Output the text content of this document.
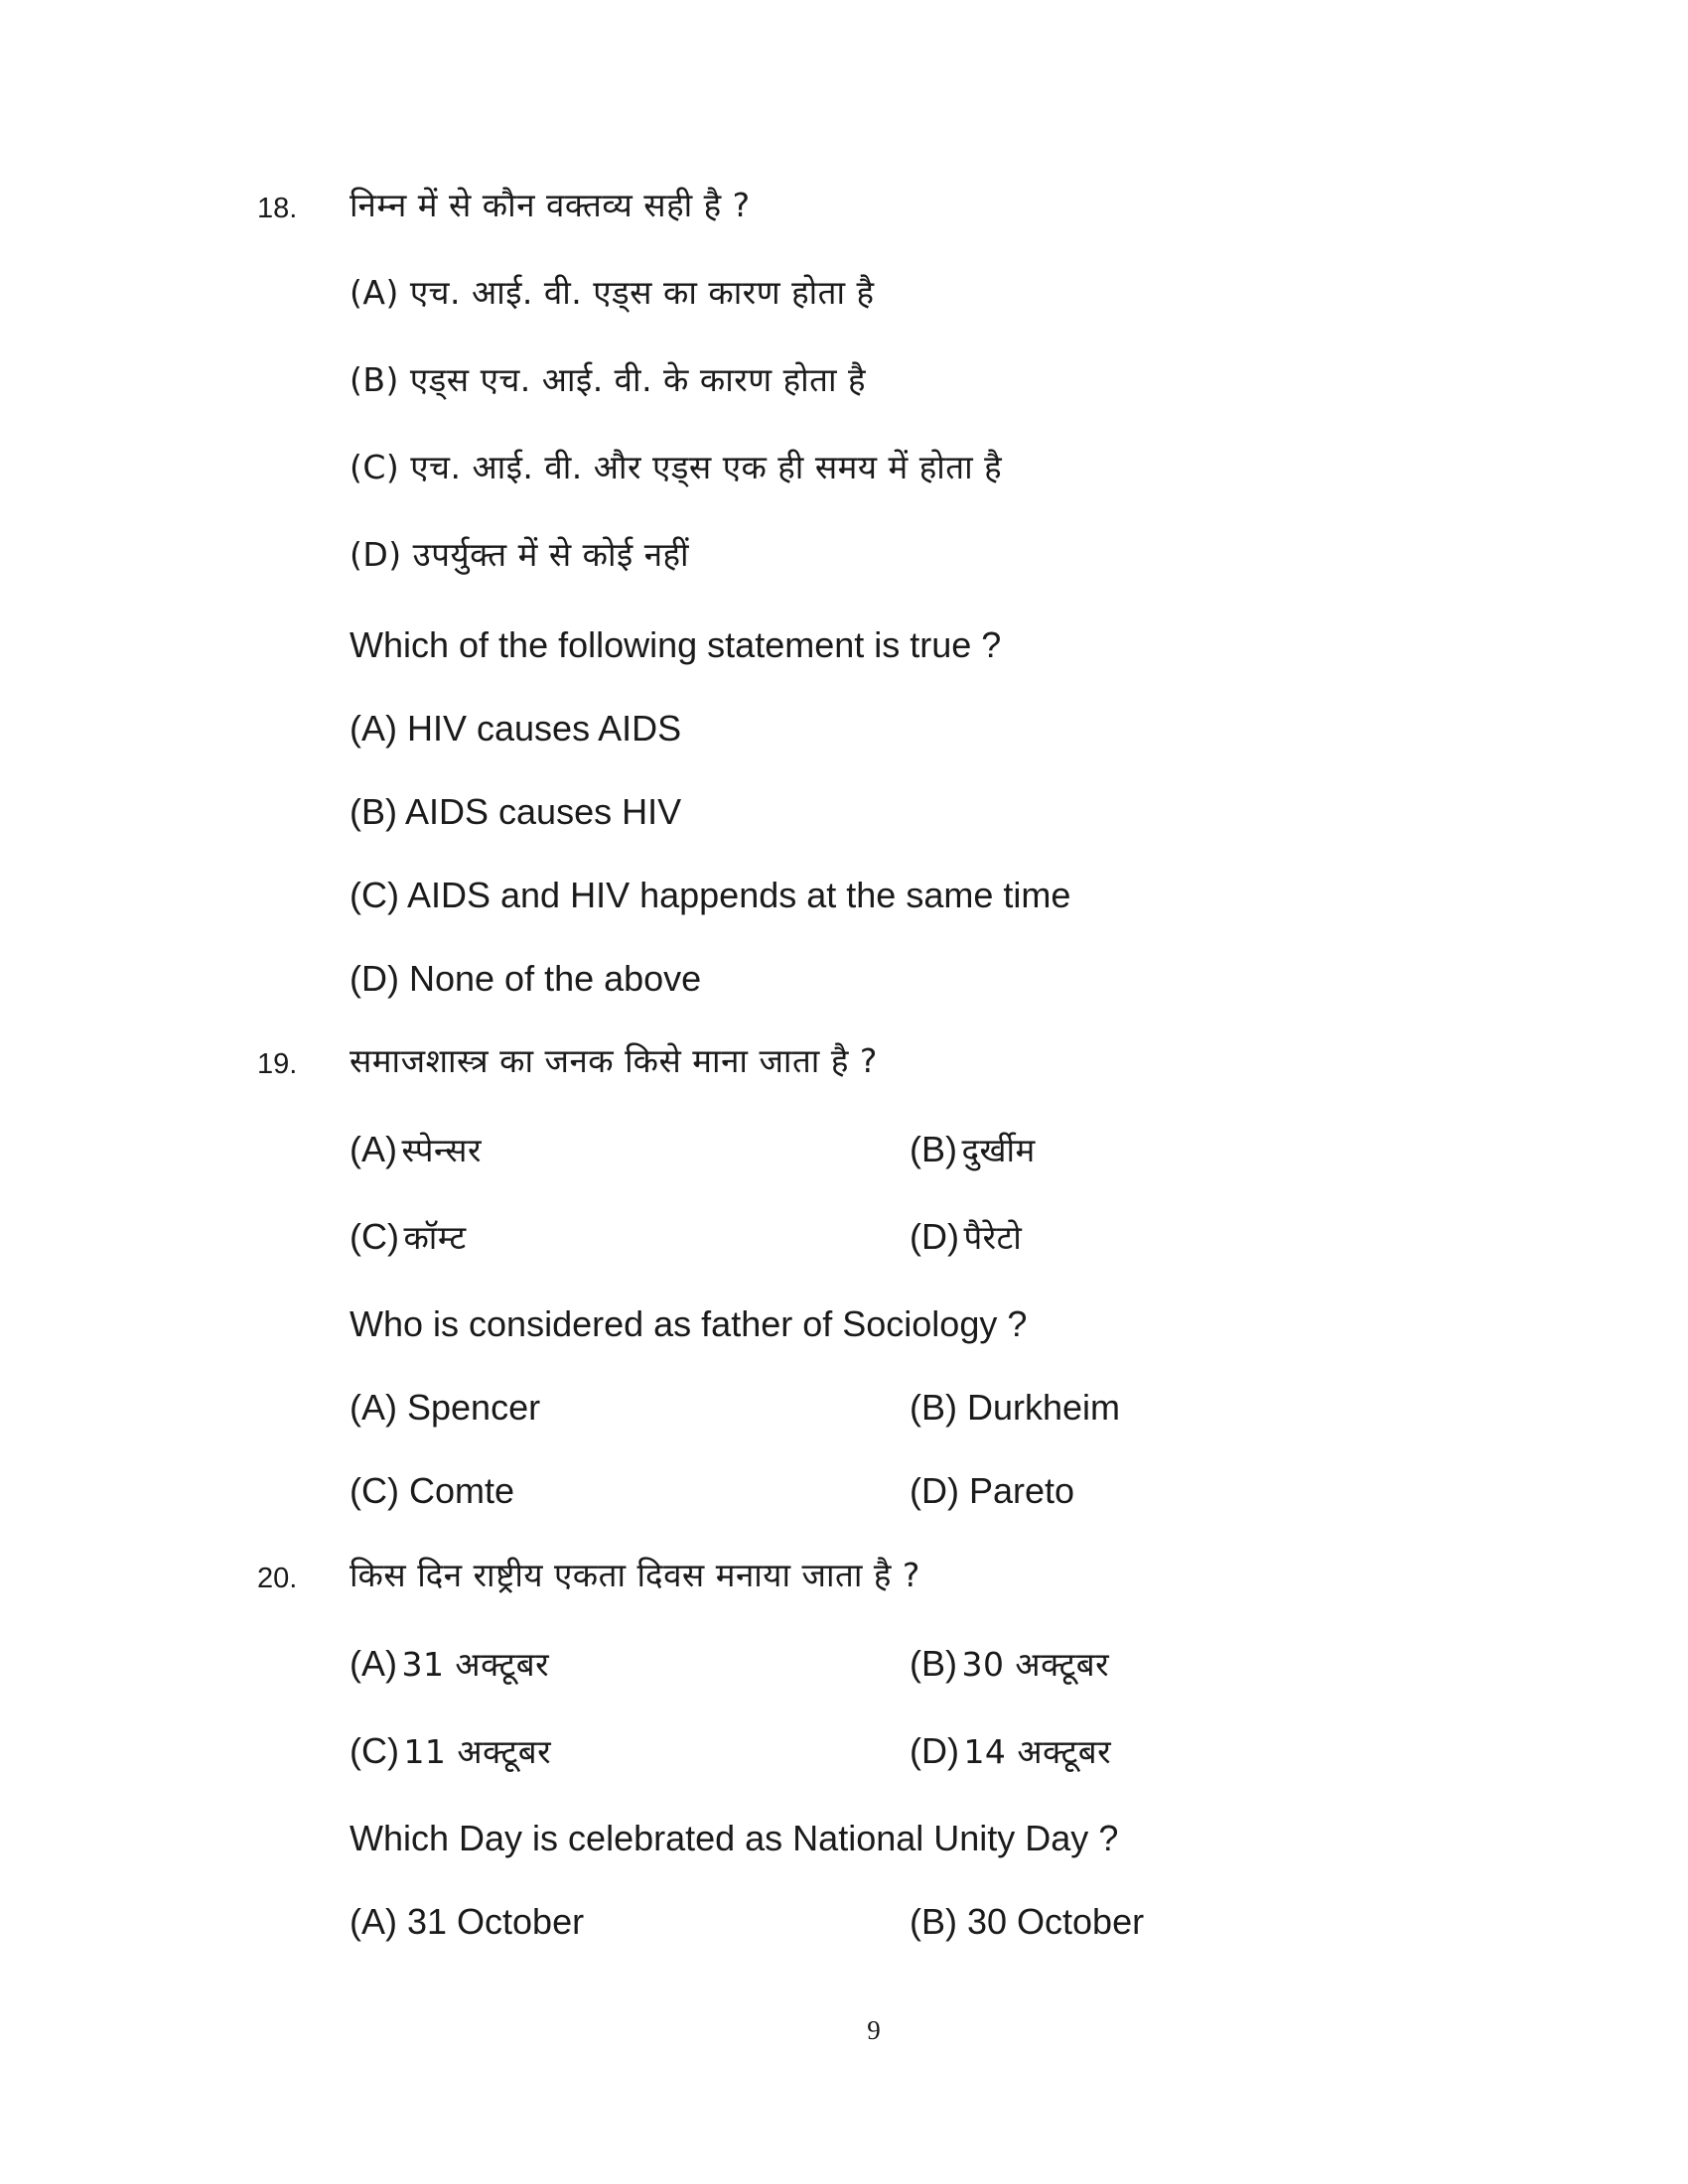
18. निम्न में से कौन वक्तव्य सही है ?
(A) एच. आई. वी. एड्स का कारण होता है
(B) एड्स एच. आई. वी. के कारण होता है
(C) एच. आई. वी. और एड्स एक ही समय में होता है
(D) उपर्युक्त में से कोई नहीं
Which of the following statement is true ?
(A) HIV causes AIDS
(B) AIDS causes HIV
(C) AIDS and HIV happends at the same time
(D) None of the above
19. समाजशास्त्र का जनक किसे माना जाता है ?
(A) स्पेन्सर	(B) दुर्खीम
(C) कॉम्ट	(D) पैरेटो
Who is considered as father of Sociology ?
(A) Spencer	(B) Durkheim
(C) Comte	(D) Pareto
20. किस दिन राष्ट्रीय एकता दिवस मनाया जाता है ?
(A) 31 अक्टूबर	(B) 30 अक्टूबर
(C) 11 अक्टूबर	(D) 14 अक्टूबर
Which Day is celebrated as National Unity Day ?
(A) 31 October	(B) 30 October
9
